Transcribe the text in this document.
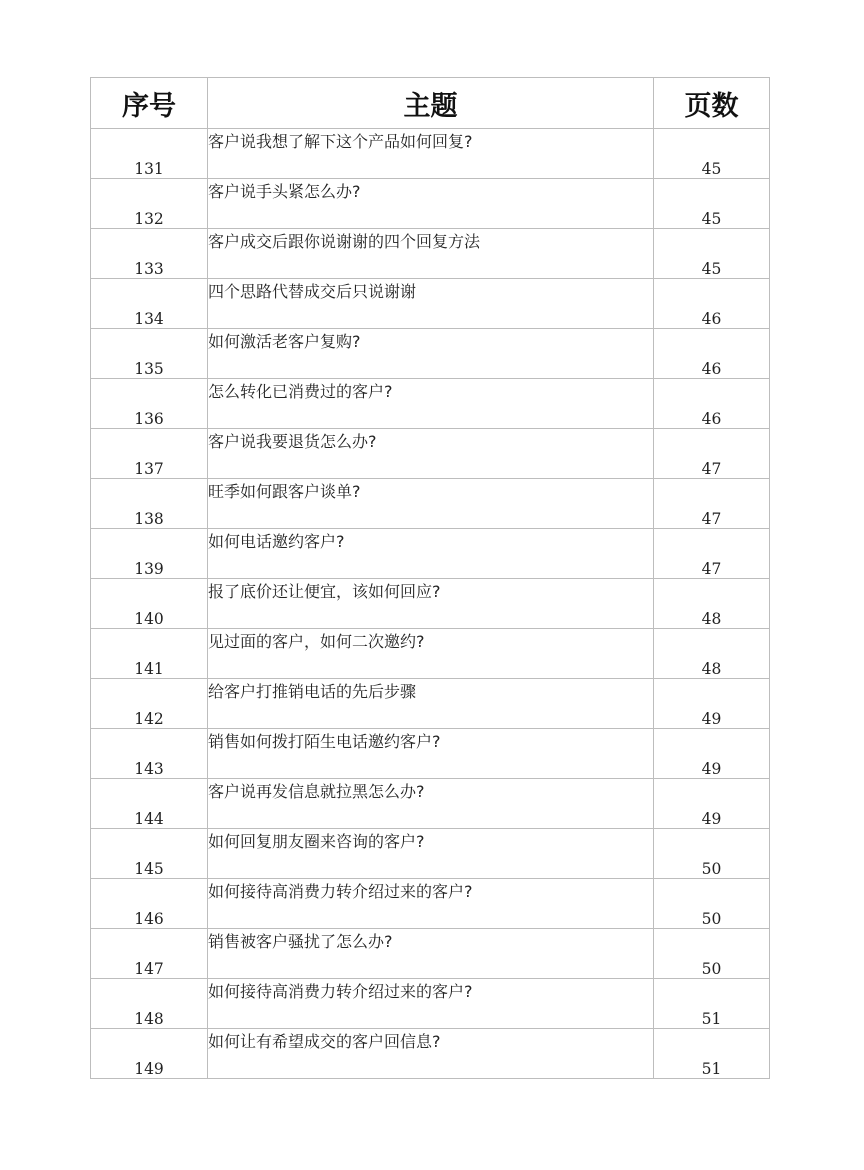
序号	主题	页数
131	客户说我想了解下这个产品如何回复?	45
132	客户说手头紧怎么办?	45
133	客户成交后跟你说谢谢的四个回复方法	45
134	四个思路代替成交后只说谢谢	46
135	如何激活老客户复购?	46
136	怎么转化已消费过的客户?	46
137	客户说我要退货怎么办?	47
138	旺季如何跟客户谈单?	47
139	如何电话邀约客户?	47
140	报了底价还让便宜，该如何回应?	48
141	见过面的客户，如何二次邀约?	48
142	给客户打推销电话的先后步骤	49
143	销售如何拨打陌生电话邀约客户?	49
144	客户说再发信息就拉黑怎么办?	49
145	如何回复朋友圈来咨询的客户?	50
146	如何接待高消费力转介绍过来的客户?	50
147	销售被客户骚扰了怎么办?	50
148	如何接待高消费力转介绍过来的客户?	51
149	如何让有希望成交的客户回信息?	51
